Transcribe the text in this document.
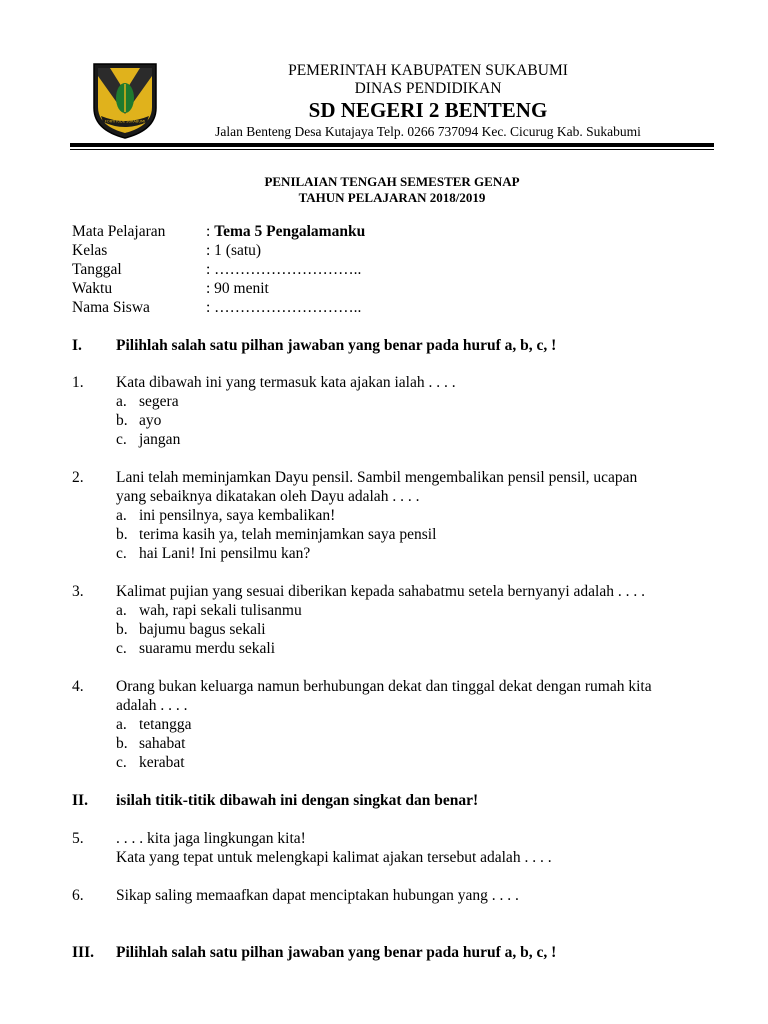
FORTITUDE SUKABUMI
PEMERINTAH KABUPATEN SUKABUMI
DINAS PENDIDIKAN
SD NEGERI 2 BENTENG
Jalan Benteng Desa Kutajaya Telp. 0266 737094 Kec. Cicurug Kab. Sukabumi
PENILAIAN TENGAH SEMESTER GENAP
TAHUN PELAJARAN 2018/2019
Mata Pelajaran	: Tema 5 Pengalamanku
Kelas	: 1 (satu)
Tanggal	: ………………………..
Waktu	: 90 menit
Nama Siswa	: ………………………..
I. Pilihlah salah satu pilhan jawaban yang benar pada huruf a, b, c, !
1. Kata dibawah ini yang termasuk kata ajakan ialah . . . .
a. segera
b. ayo
c. jangan
2. Lani telah meminjamkan Dayu pensil. Sambil mengembalikan pensil pensil, ucapan
yang sebaiknya dikatakan oleh Dayu adalah . . . .
a. ini pensilnya, saya kembalikan!
b. terima kasih ya, telah meminjamkan saya pensil
c. hai Lani! Ini pensilmu kan?
3. Kalimat pujian yang sesuai diberikan kepada sahabatmu setela bernyanyi adalah . . . .
a. wah, rapi sekali tulisanmu
b. bajumu bagus sekali
c. suaramu merdu sekali
4. Orang bukan keluarga namun berhubungan dekat dan tinggal dekat dengan rumah kita
adalah . . . .
a. tetangga
b. sahabat
c. kerabat
II. isilah titik-titik dibawah ini dengan singkat dan benar!
5. . . . . kita jaga lingkungan kita!
Kata yang tepat untuk melengkapi kalimat ajakan tersebut adalah . . . .
6. Sikap saling memaafkan dapat menciptakan hubungan yang . . . .
III. Pilihlah salah satu pilhan jawaban yang benar pada huruf a, b, c, !
